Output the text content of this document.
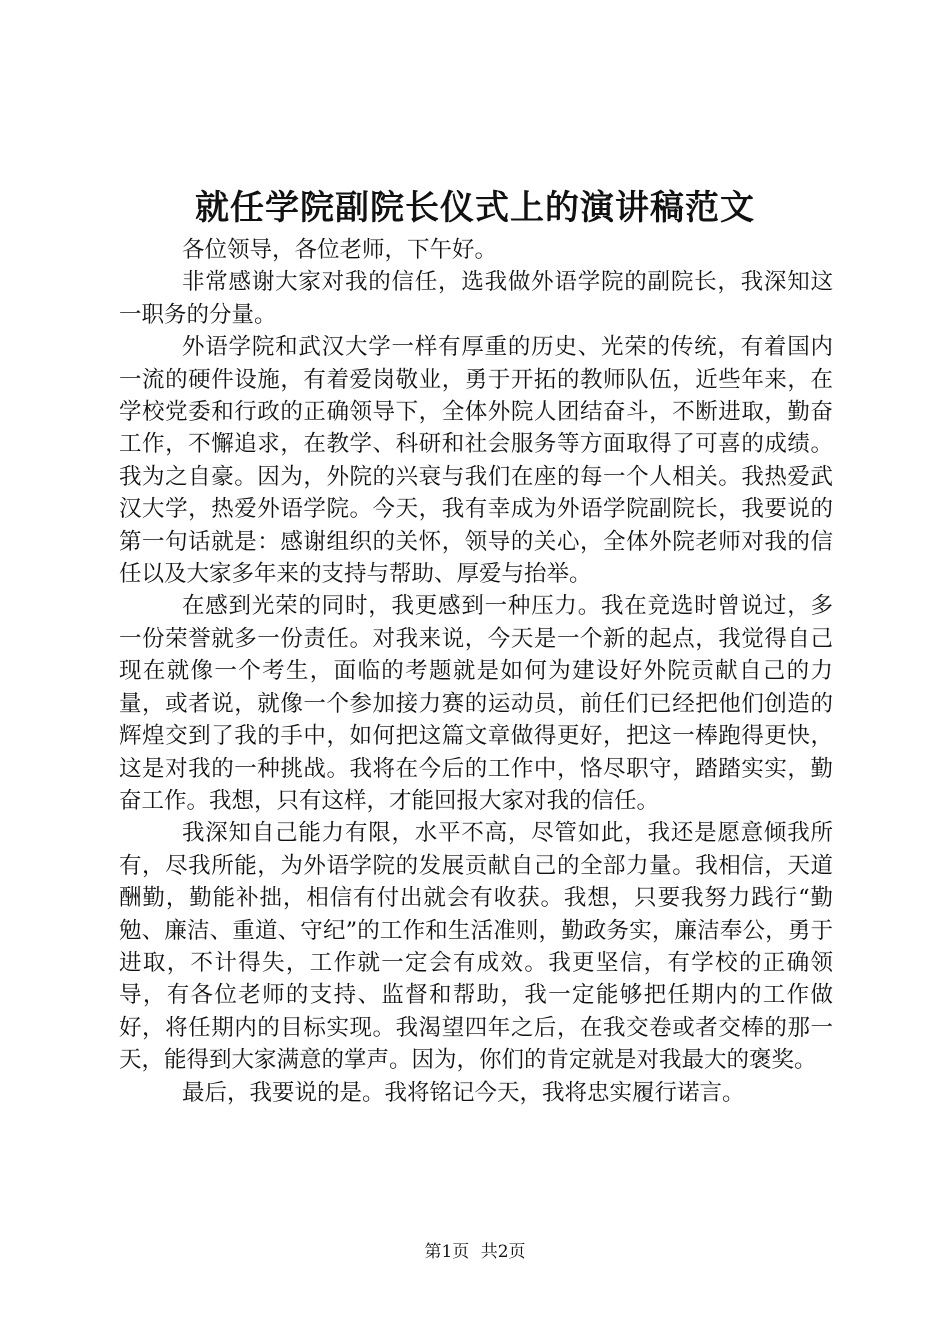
就任学院副院长仪式上的演讲稿范文

各位领导，各位老师，下午好。

非常感谢大家对我的信任，选我做外语学院的副院长，我深知这一职务的分量。

外语学院和武汉大学一样有厚重的历史、光荣的传统，有着国内一流的硬件设施，有着爱岗敬业，勇于开拓的教师队伍，近些年来，在学校党委和行政的正确领导下，全体外院人团结奋斗，不断进取，勤奋工作，不懈追求，在教学、科研和社会服务等方面取得了可喜的成绩。我为之自豪。因为，外院的兴衰与我们在座的每一个人相关。我热爱武汉大学，热爱外语学院。今天，我有幸成为外语学院副院长，我要说的第一句话就是：感谢组织的关怀，领导的关心，全体外院老师对我的信任以及大家多年来的支持与帮助、厚爱与抬举。

在感到光荣的同时，我更感到一种压力。我在竞选时曾说过，多一份荣誉就多一份责任。对我来说，今天是一个新的起点，我觉得自己现在就像一个考生，面临的考题就是如何为建设好外院贡献自己的力量，或者说，就像一个参加接力赛的运动员，前任们已经把他们创造的辉煌交到了我的手中，如何把这篇文章做得更好，把这一棒跑得更快，这是对我的一种挑战。我将在今后的工作中，恪尽职守，踏踏实实，勤奋工作。我想，只有这样，才能回报大家对我的信任。

我深知自己能力有限，水平不高，尽管如此，我还是愿意倾我所有，尽我所能，为外语学院的发展贡献自己的全部力量。我相信，天道酬勤，勤能补拙，相信有付出就会有收获。我想，只要我努力践行“勤勉、廉洁、重道、守纪”的工作和生活准则，勤政务实，廉洁奉公，勇于进取，不计得失，工作就一定会有成效。我更坚信，有学校的正确领导，有各位老师的支持、监督和帮助，我一定能够把任期内的工作做好，将任期内的目标实现。我渴望四年之后，在我交卷或者交棒的那一天，能得到大家满意的掌声。因为，你们的肯定就是对我最大的褒奖。

最后，我要说的是。我将铭记今天，我将忠实履行诺言。

第1页 共2页
